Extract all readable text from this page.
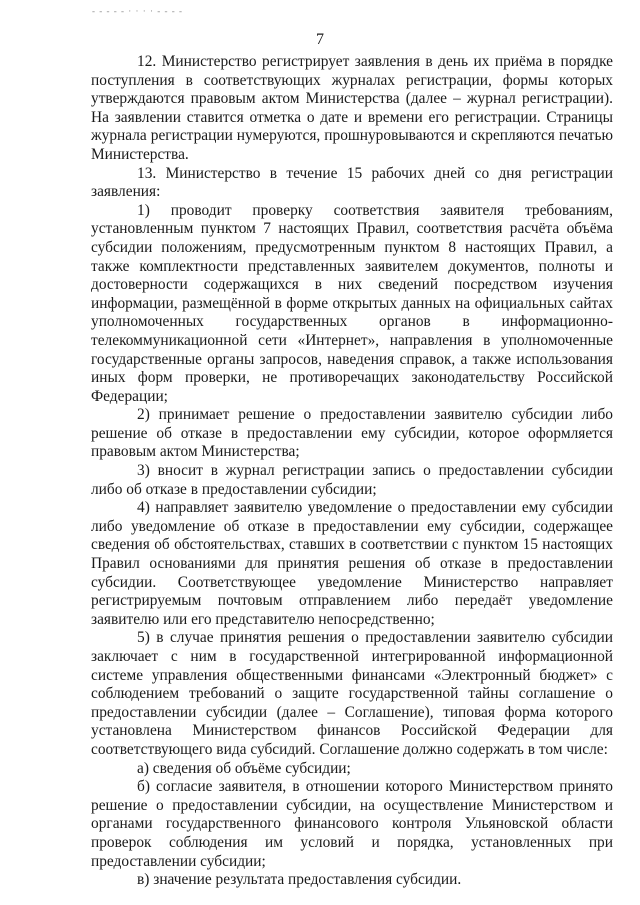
- - - - - · · · · - - - -
7

12. Министерство регистрирует заявления в день их приёма в порядке поступления в соответствующих журналах регистрации, формы которых утверждаются правовым актом Министерства (далее – журнал регистрации). На заявлении ставится отметка о дате и времени его регистрации. Страницы журнала регистрации нумеруются, прошнуровываются и скрепляются печатью Министерства.

13. Министерство в течение 15 рабочих дней со дня регистрации заявления:

1) проводит проверку соответствия заявителя требованиям, установленным пунктом 7 настоящих Правил, соответствия расчёта объёма субсидии положениям, предусмотренным пунктом 8 настоящих Правил, а также комплектности представленных заявителем документов, полноты и достоверности содержащихся в них сведений посредством изучения информации, размещённой в форме открытых данных на официальных сайтах уполномоченных государственных органов в информационно-телекоммуникационной сети «Интернет», направления в уполномоченные государственные органы запросов, наведения справок, а также использования иных форм проверки, не противоречащих законодательству Российской Федерации;

2) принимает решение о предоставлении заявителю субсидии либо решение об отказе в предоставлении ему субсидии, которое оформляется правовым актом Министерства;

3) вносит в журнал регистрации запись о предоставлении субсидии либо об отказе в предоставлении субсидии;

4) направляет заявителю уведомление о предоставлении ему субсидии либо уведомление об отказе в предоставлении ему субсидии, содержащее сведения об обстоятельствах, ставших в соответствии с пунктом 15 настоящих Правил основаниями для принятия решения об отказе в предоставлении субсидии. Соответствующее уведомление Министерство направляет регистрируемым почтовым отправлением либо передаёт уведомление заявителю или его представителю непосредственно;

5) в случае принятия решения о предоставлении заявителю субсидии заключает с ним в государственной интегрированной информационной системе управления общественными финансами «Электронный бюджет» с соблюдением требований о защите государственной тайны соглашение о предоставлении субсидии (далее – Соглашение), типовая форма которого установлена Министерством финансов Российской Федерации для соответствующего вида субсидий. Соглашение должно содержать в том числе:

а) сведения об объёме субсидии;

б) согласие заявителя, в отношении которого Министерством принято решение о предоставлении субсидии, на осуществление Министерством и органами государственного финансового контроля Ульяновской области проверок соблюдения им условий и порядка, установленных при предоставлении субсидии;

в) значение результата предоставления субсидии.
